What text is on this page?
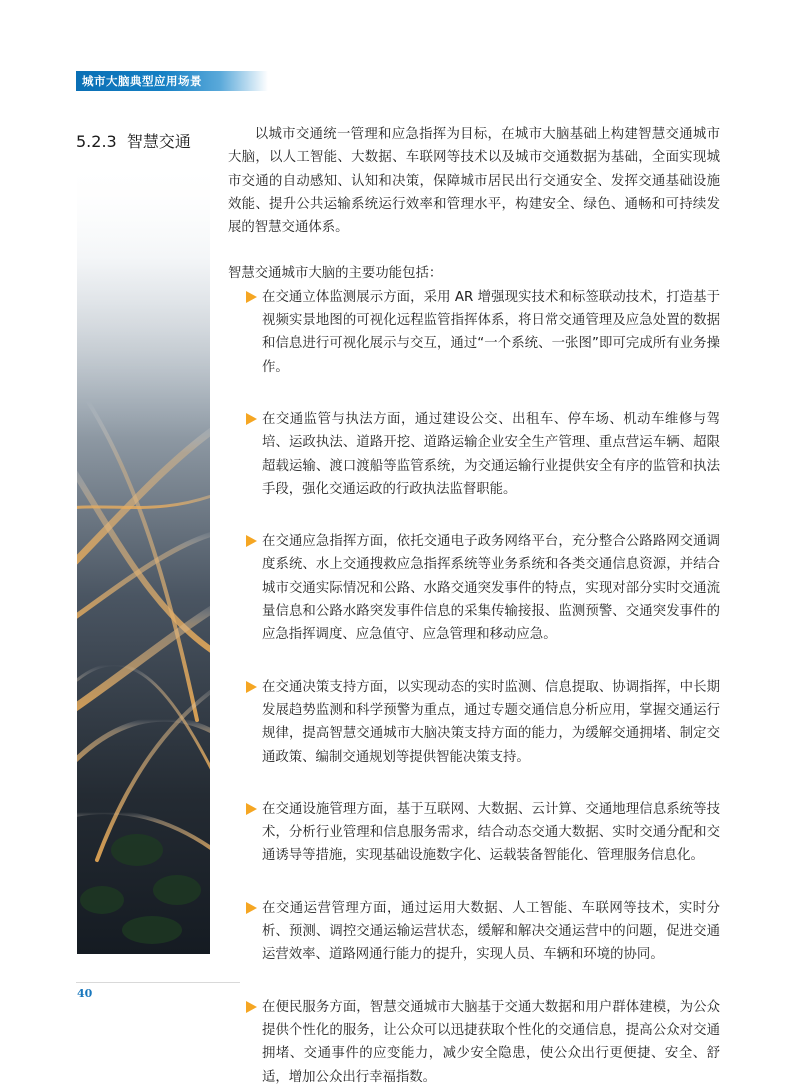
城市大脑典型应用场景
5.2.3 智慧交通	以城市交通统一管理和应急指挥为目标，在城市大脑基础上构建智慧交通城市大脑，以人工智能、大数据、车联网等技术以及城市交通数据为基础，全面实现城市交通的自动感知、认知和决策，保障城市居民出行交通安全、发挥交通基础设施效能、提升公共运输系统运行效率和管理水平，构建安全、绿色、通畅和可持续发展的智慧交通体系。

智慧交通城市大脑的主要功能包括：

在交通立体监测展示方面，采用 AR 增强现实技术和标签联动技术，打造基于视频实景地图的可视化远程监管指挥体系，将日常交通管理及应急处置的数据和信息进行可视化展示与交互，通过“一个系统、一张图”即可完成所有业务操作。
在交通监管与执法方面，通过建设公交、出租车、停车场、机动车维修与驾培、运政执法、道路开挖、道路运输企业安全生产管理、重点营运车辆、超限超载运输、渡口渡船等监管系统，为交通运输行业提供安全有序的监管和执法手段，强化交通运政的行政执法监督职能。
在交通应急指挥方面，依托交通电子政务网络平台，充分整合公路路网交通调度系统、水上交通搜救应急指挥系统等业务系统和各类交通信息资源，并结合城市交通实际情况和公路、水路交通突发事件的特点，实现对部分实时交通流量信息和公路水路突发事件信息的采集传输接报、监测预警、交通突发事件的应急指挥调度、应急值守、应急管理和移动应急。
在交通决策支持方面，以实现动态的实时监测、信息提取、协调指挥，中长期发展趋势监测和科学预警为重点，通过专题交通信息分析应用，掌握交通运行规律，提高智慧交通城市大脑决策支持方面的能力，为缓解交通拥堵、制定交通政策、编制交通规划等提供智能决策支持。
在交通设施管理方面，基于互联网、大数据、云计算、交通地理信息系统等技术，分析行业管理和信息服务需求，结合动态交通大数据、实时交通分配和交通诱导等措施，实现基础设施数字化、运载装备智能化、管理服务信息化。
在交通运营管理方面，通过运用大数据、人工智能、车联网等技术，实时分析、预测、调控交通运输运营状态，缓解和解决交通运营中的问题，促进交通运营效率、道路网通行能力的提升，实现人员、车辆和环境的协同。
在便民服务方面，智慧交通城市大脑基于交通大数据和用户群体建模，为公众提供个性化的服务，让公众可以迅捷获取个性化的交通信息，提高公众对交通拥堵、交通事件的应变能力，减少安全隐患，使公众出行更便捷、安全、舒适，增加公众出行幸福指数。
40
